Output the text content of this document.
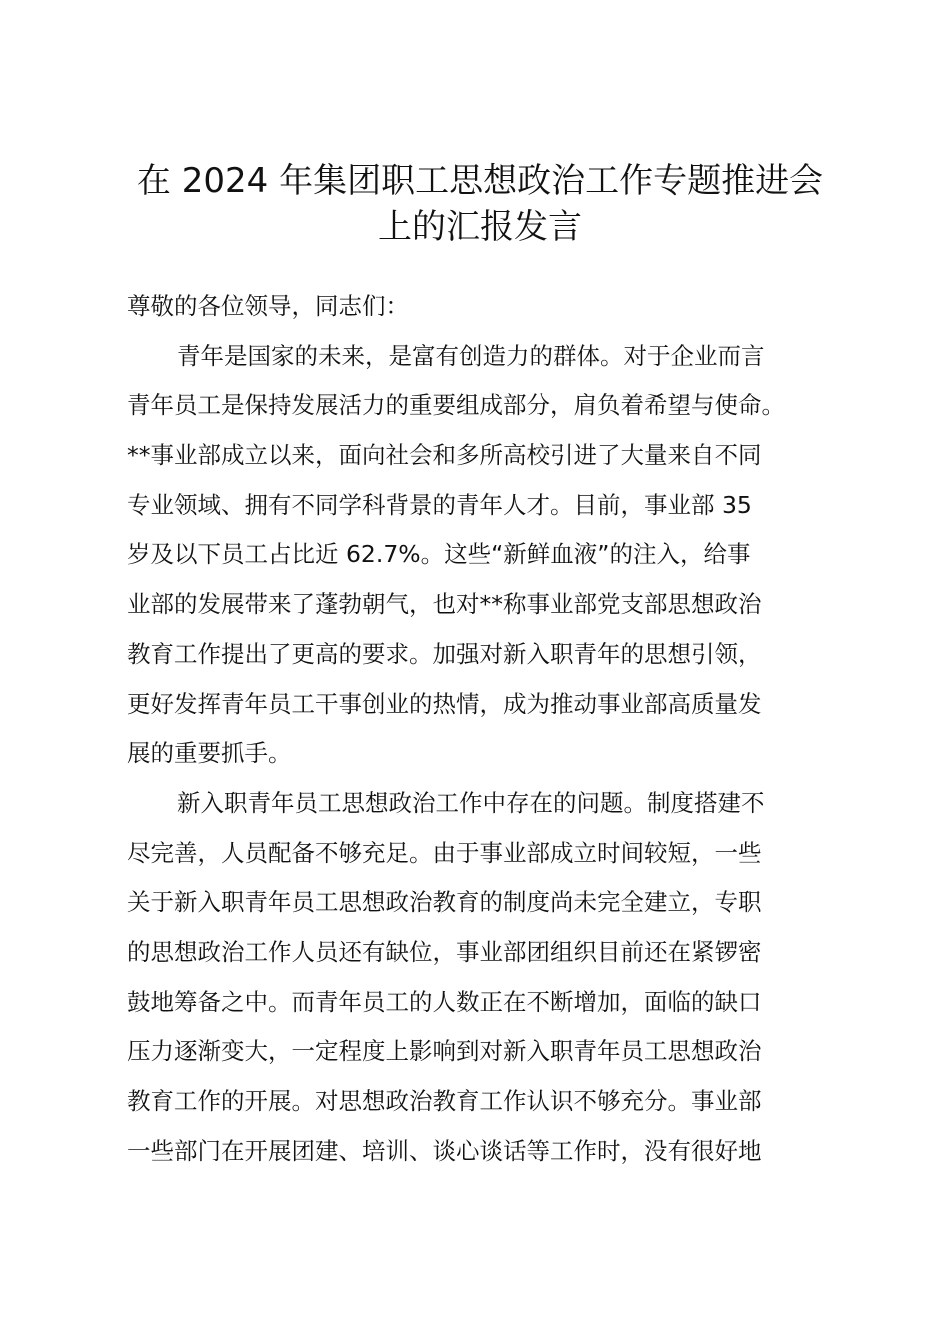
在 2024 年集团职工思想政治工作专题推进会
上的汇报发言
尊敬的各位领导，同志们：
青年是国家的未来，是富有创造力的群体。对于企业而言
青年员工是保持发展活力的重要组成部分，肩负着希望与使命。
**事业部成立以来，面向社会和多所高校引进了大量来自不同
专业领域、拥有不同学科背景的青年人才。目前，事业部 35
岁及以下员工占比近 62.7%。这些“新鲜血液”的注入，给事
业部的发展带来了蓬勃朝气，也对**称事业部党支部思想政治
教育工作提出了更高的要求。加强对新入职青年的思想引领，
更好发挥青年员工干事创业的热情，成为推动事业部高质量发
展的重要抓手。
新入职青年员工思想政治工作中存在的问题。制度搭建不
尽完善，人员配备不够充足。由于事业部成立时间较短，一些
关于新入职青年员工思想政治教育的制度尚未完全建立，专职
的思想政治工作人员还有缺位，事业部团组织目前还在紧锣密
鼓地筹备之中。而青年员工的人数正在不断增加，面临的缺口
压力逐渐变大，一定程度上影响到对新入职青年员工思想政治
教育工作的开展。对思想政治教育工作认识不够充分。事业部
一些部门在开展团建、培训、谈心谈话等工作时，没有很好地
